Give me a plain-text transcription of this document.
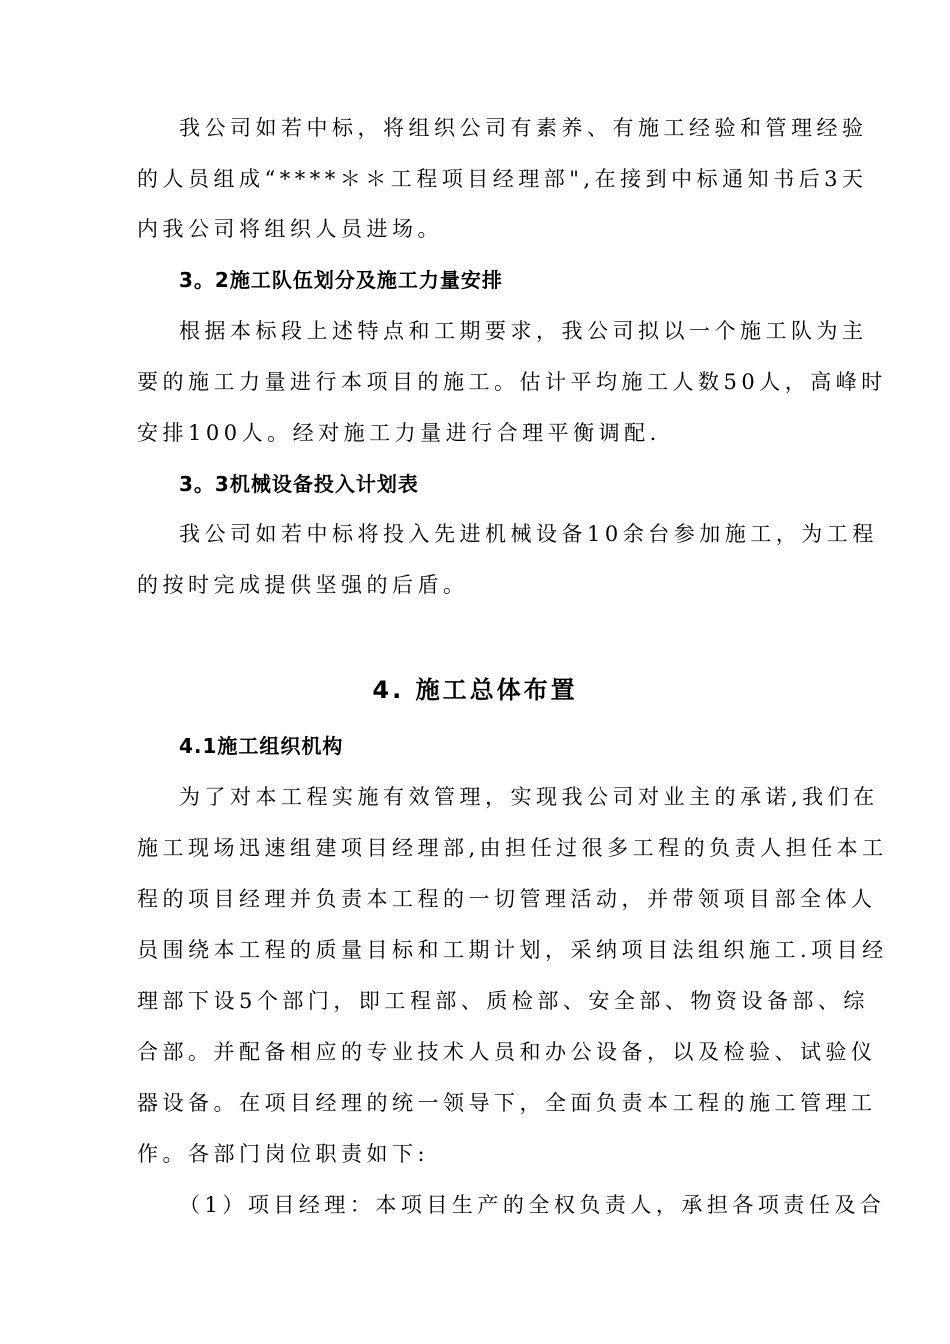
我公司如若中标，将组织公司有素养、有施工经验和管理经验
的人员组成“****＊＊工程项目经理部",在接到中标通知书后3天
内我公司将组织人员进场。
3。2施工队伍划分及施工力量安排
根据本标段上述特点和工期要求，我公司拟以一个施工队为主
要的施工力量进行本项目的施工。估计平均施工人数50人，高峰时
安排100人。经对施工力量进行合理平衡调配.
3。3机械设备投入计划表
我公司如若中标将投入先进机械设备10余台参加施工，为工程
的按时完成提供坚强的后盾。
4. 施工总体布置
4.1施工组织机构
为了对本工程实施有效管理，实现我公司对业主的承诺,我们在
施工现场迅速组建项目经理部,由担任过很多工程的负责人担任本工
程的项目经理并负责本工程的一切管理活动，并带领项目部全体人
员围绕本工程的质量目标和工期计划，采纳项目法组织施工.项目经
理部下设5个部门，即工程部、质检部、安全部、物资设备部、综
合部。并配备相应的专业技术人员和办公设备，以及检验、试验仪
器设备。在项目经理的统一领导下，全面负责本工程的施工管理工
作。各部门岗位职责如下:
（1）项目经理：本项目生产的全权负责人，承担各项责任及合
